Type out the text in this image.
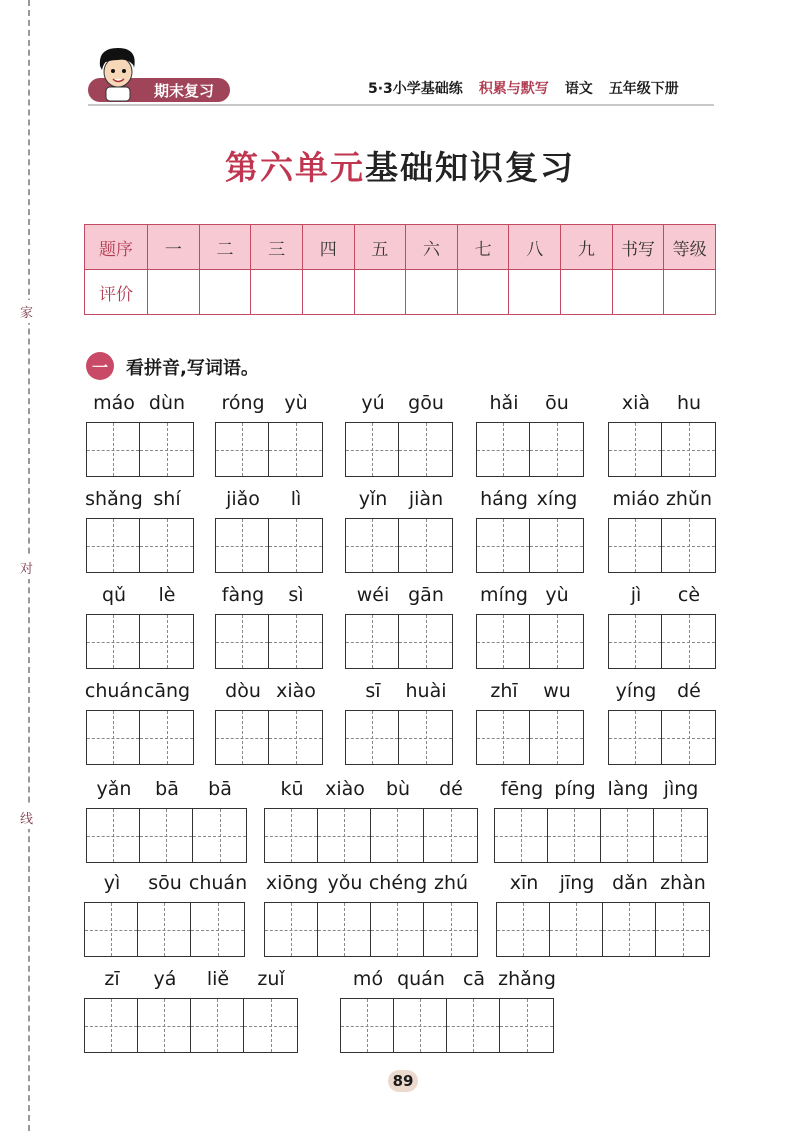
家
对
线
期末复习	5·3小学基础练 积累与默写 语文 五年级下册
第六单元基础知识复习
题序	一	二	三	四	五	六	七	八	九	书写	等级
评价											
一 看拼音,写词语。
máo dùn róng yù	yú gōu hǎi ōu	xià hu
shǎng shí jiǎo lì	yǐn jiàn háng xíng miáo zhǔn
qǔ lè fàng sì	wéi gān míng yù	jì cè
chuán cāng dòu xiào	sī huài zhī wu yíng dé
yǎn bā bā	kū xiào bù dé fēng píng làng jìng
yì sōu chuán xiōng yǒu chéng zhú xīn jīng dǎn zhàn
zī yá liě zuǐ	mó quán cā zhǎng
89
